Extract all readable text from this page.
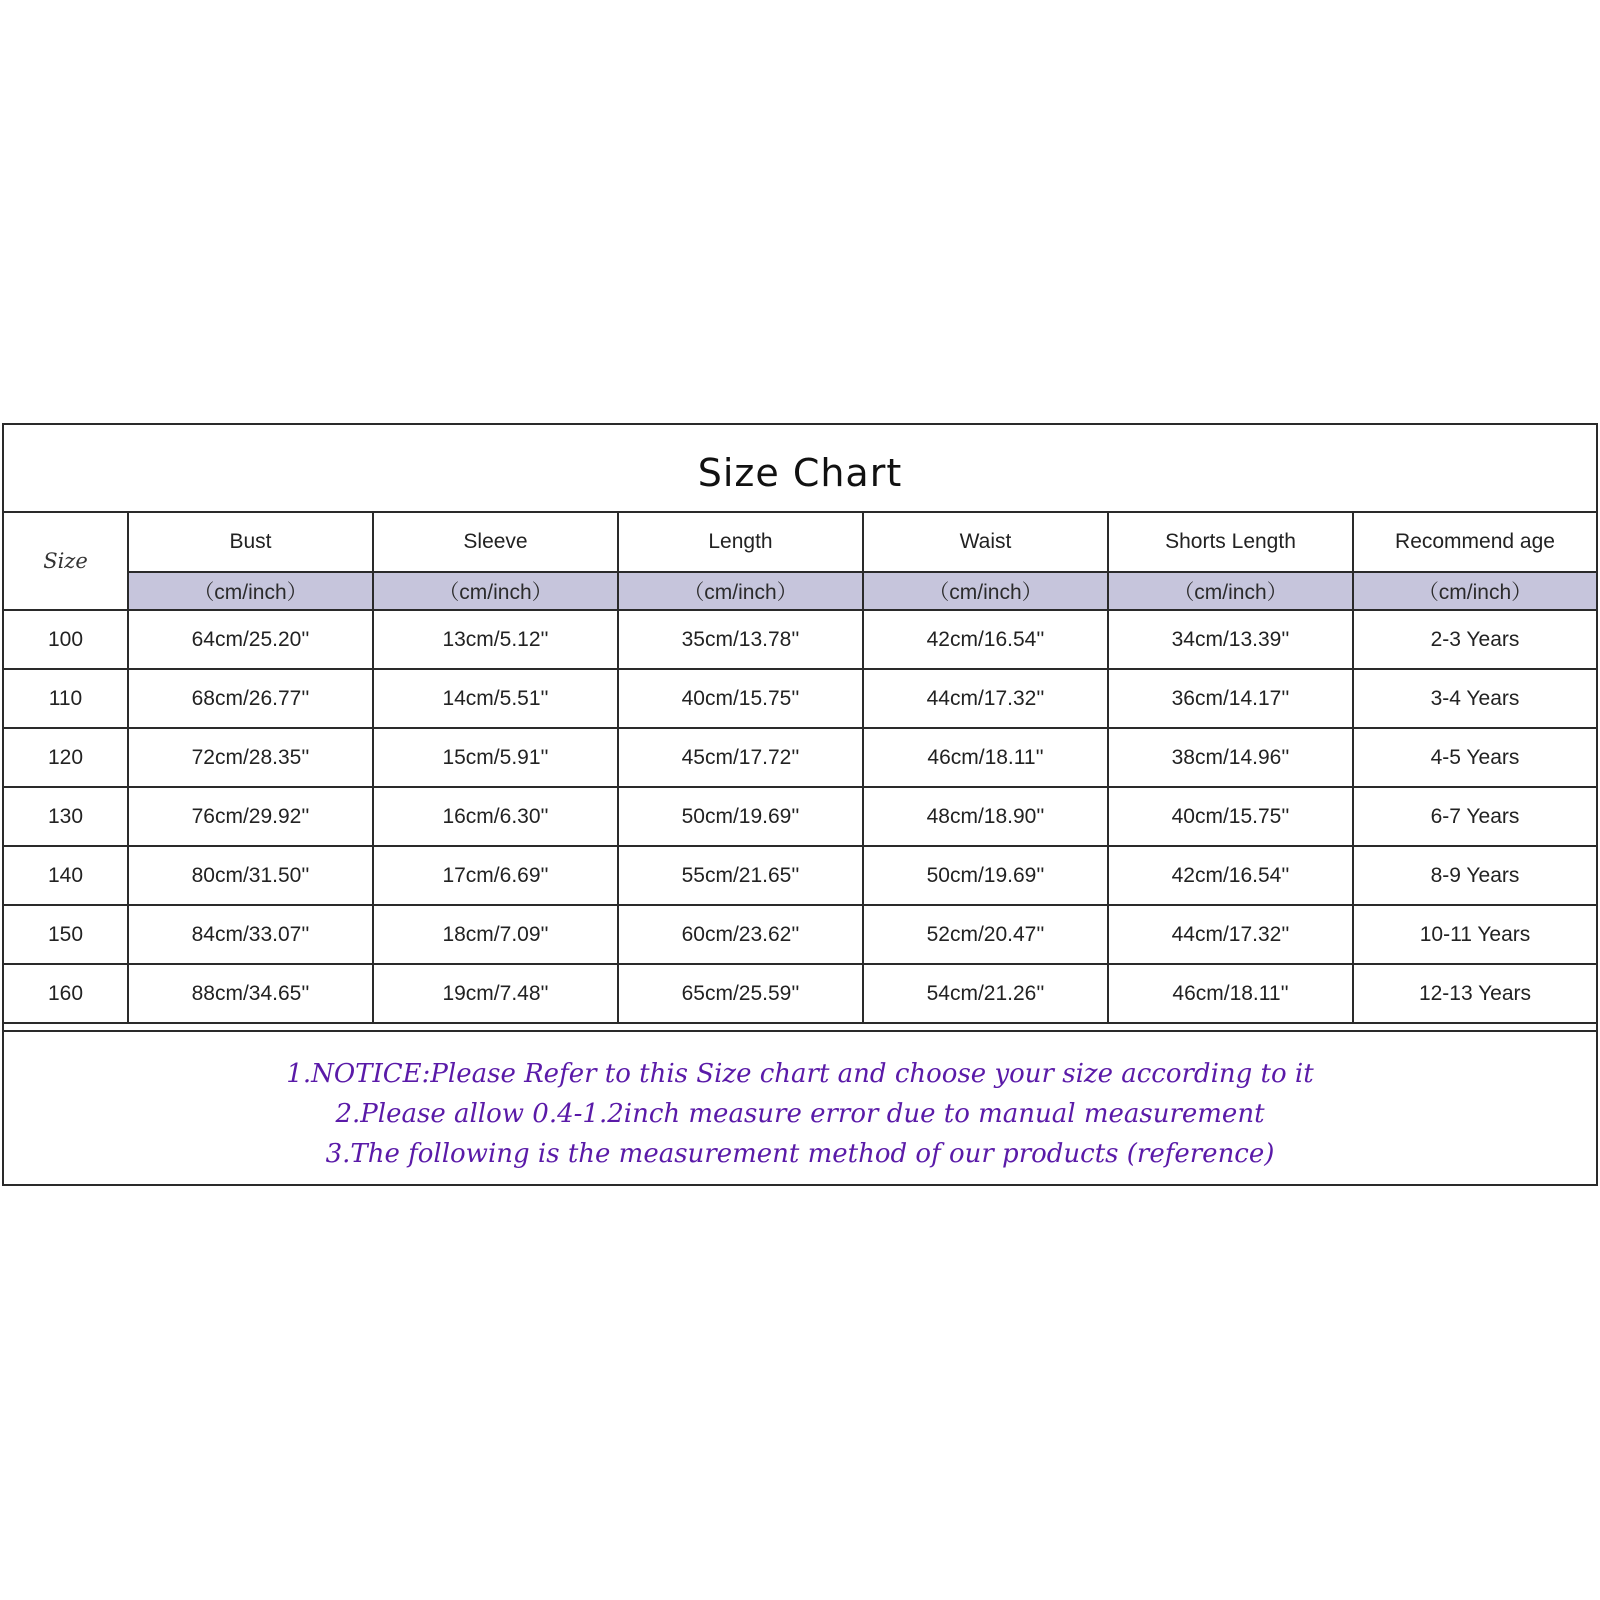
Size Chart
Size	Bust	Sleeve	Length	Waist	Shorts Length	Recommend age
	（cm/inch）	（cm/inch）	（cm/inch）	（cm/inch）	（cm/inch）	（cm/inch）
100	64cm/25.20''	13cm/5.12''	35cm/13.78''	42cm/16.54''	34cm/13.39''	2-3 Years
110	68cm/26.77''	14cm/5.51''	40cm/15.75''	44cm/17.32''	36cm/14.17''	3-4 Years
120	72cm/28.35''	15cm/5.91''	45cm/17.72''	46cm/18.11''	38cm/14.96''	4-5 Years
130	76cm/29.92''	16cm/6.30''	50cm/19.69''	48cm/18.90''	40cm/15.75''	6-7 Years
140	80cm/31.50''	17cm/6.69''	55cm/21.65''	50cm/19.69''	42cm/16.54''	8-9 Years
150	84cm/33.07''	18cm/7.09''	60cm/23.62''	52cm/20.47''	44cm/17.32''	10-11 Years
160	88cm/34.65''	19cm/7.48''	65cm/25.59''	54cm/21.26''	46cm/18.11''	12-13 Years
1.NOTICE:Please Refer to this Size chart and choose your size according to it
2.Please allow 0.4-1.2inch measure error due to manual measurement
3.The following is the measurement method of our products (reference)
